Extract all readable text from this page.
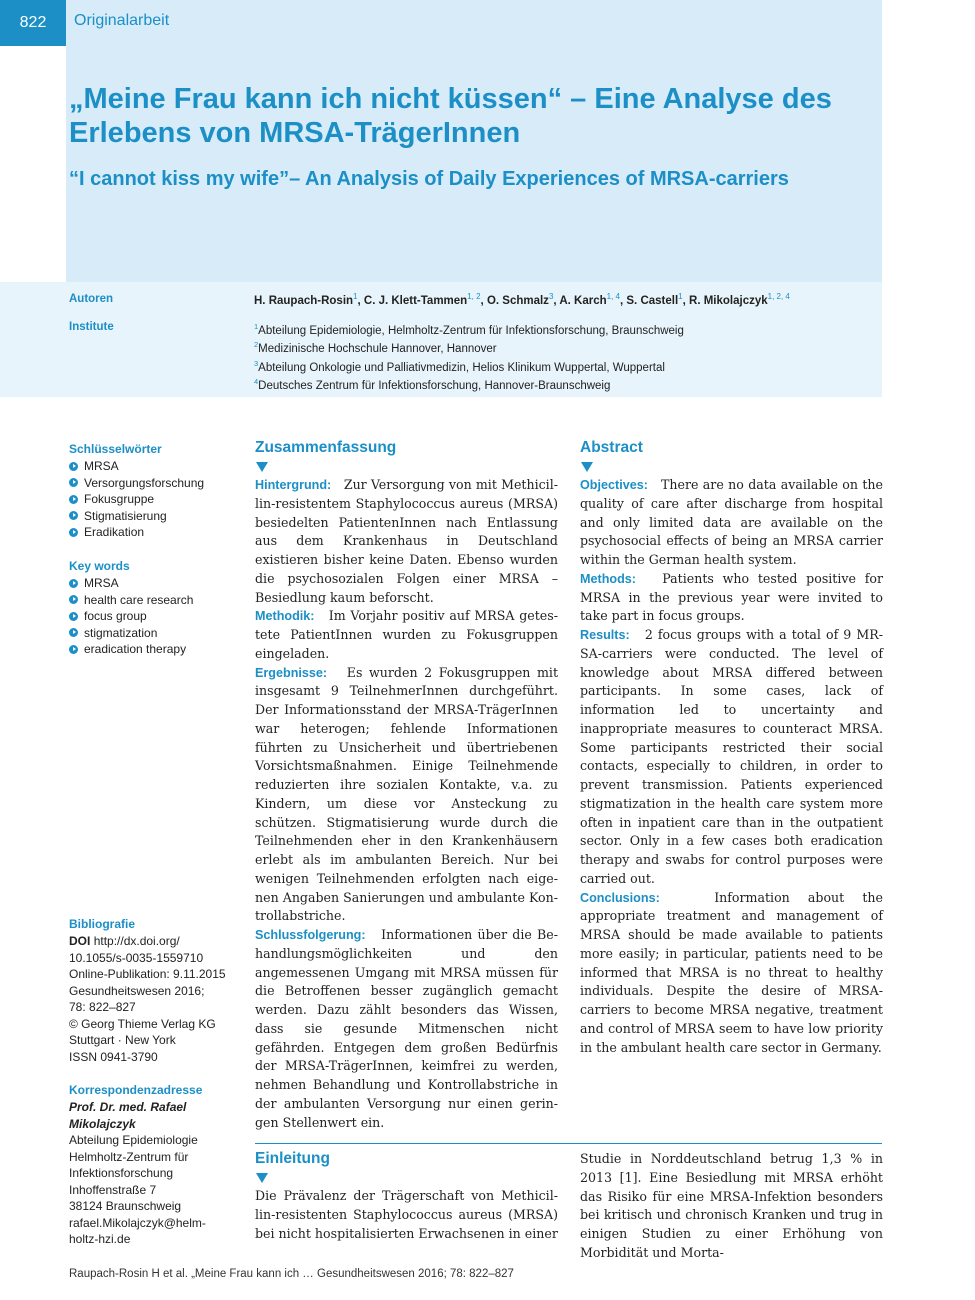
822	Originalarbeit
„Meine Frau kann ich nicht küssen“ – Eine Analyse des Erlebens von MRSA-TrägerInnen
“I cannot kiss my wife”– An Analysis of Daily Experiences of MRSA-carriers
Autoren
Institute
H. Raupach-Rosin$^1$, C. J. Klett-Tammen$^{1, 2}$, O. Schmalz$^3$, A. Karch$^{1, 4}$, S. Castell$^1$, R. Mikolajczyk$^{1, 2, 4}$
$^1$Abteilung Epidemiologie, Helmholtz-Zentrum für Infektionsforschung, Braunschweig
$^2$Medizinische Hochschule Hannover, Hannover
$^3$Abteilung Onkologie und Palliativmedizin, Helios Klinikum Wuppertal, Wuppertal
$^4$Deutsches Zentrum für Infektionsforschung, Hannover-Braunschweig
Schlüsselwörter
MRSA
Versorgungsforschung
Fokusgruppe
Stigmatisierung
Eradikation
Key words
MRSA
health care research
focus group
stigmatization
eradication therapy
Bibliografie
DOI http://dx.doi.org/
10.1055/s-0035-1559710
Online-Publikation: 9.11.2015
Gesundheitswesen 2016;
78: 822–827
© Georg Thieme Verlag KG
Stuttgart · New York
ISSN 0941-3790
Korrespondenzadresse
Prof. Dr. med. Rafael
Mikolajczyk
Abteilung Epidemiologie
Helmholtz-Zentrum für
Infektionsforschung
Inhoffenstraße 7
38124 Braunschweig
rafael.Mikolajczyk@helm-
holtz-hzi.de
Zusammenfassung
Hintergrund: Zur Versorgung von mit Methicillin-resistentem Staphylococcus aureus (MRSA) besiedelten PatientenInnen nach Entlassung aus dem Krankenhaus in Deutschland existieren bisher keine Daten. Ebenso wurden die psychosozialen Folgen einer MRSA – Besiedlung kaum beforscht.
Methodik: Im Vorjahr positiv auf MRSA getestete PatientInnen wurden zu Fokusgruppen eingeladen.
Ergebnisse: Es wurden 2 Fokusgruppen mit insgesamt 9 TeilnehmerInnen durchgeführt. Der Informationsstand der MRSA-TrägerInnen war heterogen; fehlende Informationen führten zu Unsicherheit und übertriebenen Vorsichtsmaßnahmen. Einige Teilnehmende reduzierten ihre sozialen Kontakte, v.a. zu Kindern, um diese vor Ansteckung zu schützen. Stigmatisierung wurde durch die Teilnehmenden eher in den Krankenhäusern erlebt als im ambulanten Bereich. Nur bei wenigen Teilnehmenden erfolgten nach eigenen Angaben Sanierungen und ambulante Kontrollabstriche.
Schlussfolgerung: Informationen über die Behandlungsmöglichkeiten und den angemessenen Umgang mit MRSA müssen für die Betroffenen besser zugänglich gemacht werden. Dazu zählt besonders das Wissen, dass sie gesunde Mitmenschen nicht gefährden. Entgegen dem großen Bedürfnis der MRSA-TrägerInnen, keimfrei zu werden, nehmen Behandlung und Kontrollabstriche in der ambulanten Versorgung nur einen geringen Stellenwert ein.
Abstract
Objectives: There are no data available on the quality of care after discharge from hospital and only limited data are available on the psychosocial effects of being an MRSA carrier within the German health system.
Methods: Patients who tested positive for MRSA in the previous year were invited to take part in focus groups.
Results: 2 focus groups with a total of 9 MRSA-carriers were conducted. The level of knowledge about MRSA differed between participants. In some cases, lack of information led to uncertainty and inappropriate measures to counteract MRSA. Some participants restricted their social contacts, especially to children, in order to prevent transmission. Patients experienced stigmatization in the health care system more often in inpatient care than in the outpatient sector. Only in a few cases both eradication therapy and swabs for control purposes were carried out.
Conclusions:	Information about the appropriate treatment and management of MRSA should be made available to patients more easily; in particular, patients need to be informed that MRSA is no threat to healthy individuals. Despite the desire of MRSA-carriers to become MRSA negative, treatment and control of MRSA seem to have low priority in the ambulant health care sector in Germany.
Einleitung

Die Prävalenz der Trägerschaft von Methicillin-resistenten Staphylococcus aureus (MRSA) bei nicht hospitalisierten Erwachsenen in einer

Studie in Norddeutschland betrug 1,3 % in 2013 [1]. Eine Besiedlung mit MRSA erhöht das Risiko für eine MRSA-Infektion besonders bei kritisch und chronisch Kranken und trug in einigen Studien zu einer Erhöhung von Morbidität und Morta-

Raupach-Rosin H et al. „Meine Frau kann ich … Gesundheitswesen 2016; 78: 822–827
